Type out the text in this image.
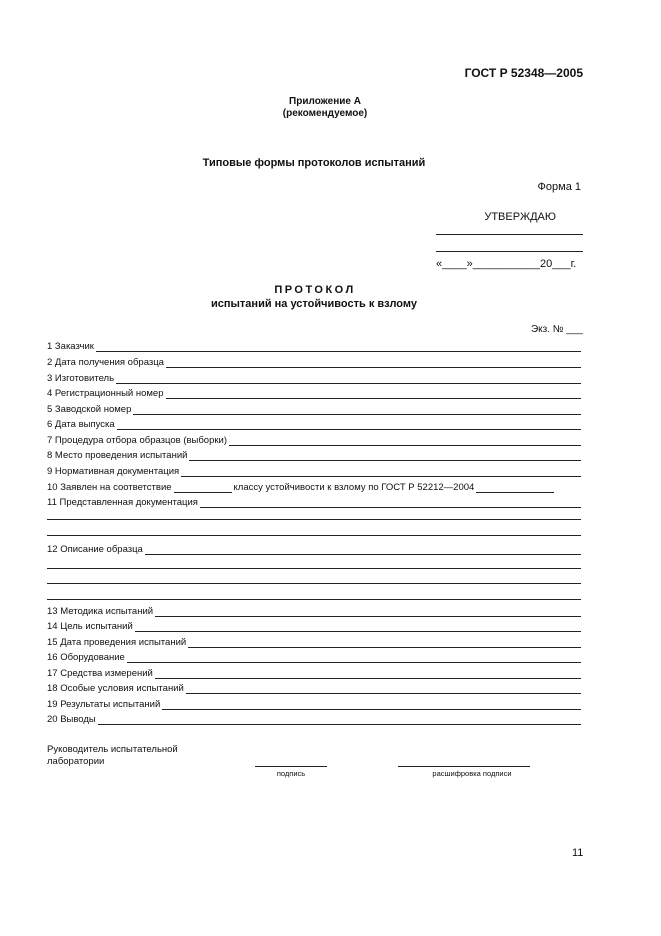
ГОСТ Р 52348—2005
Приложение А
(рекомендуемое)
Типовые формы протоколов испытаний
Форма 1
УТВЕРЖДАЮ
«____»___________20___г.
ПРОТОКОЛ
испытаний на устойчивость к взлому
Экз. № ___
1 Заказчик
2 Дата получения образца
3 Изготовитель
4 Регистрационный номер
5 Заводской номер
6 Дата выпуска
7 Процедура отбора образцов (выборки)
8 Место проведения испытаний
9 Нормативная документация
10 Заявлен на соответствие	классу устойчивости к взлому по ГОСТ Р 52212—2004
11 Представленная документация
12 Описание образца
13 Методика испытаний
14 Цель испытаний
15 Дата проведения испытаний
16 Оборудование
17 Средства измерений
18 Особые условия испытаний
19 Результаты испытаний
20 Выводы
Руководитель испытательной лаборатории
подпись	расшифровка подписи
11
